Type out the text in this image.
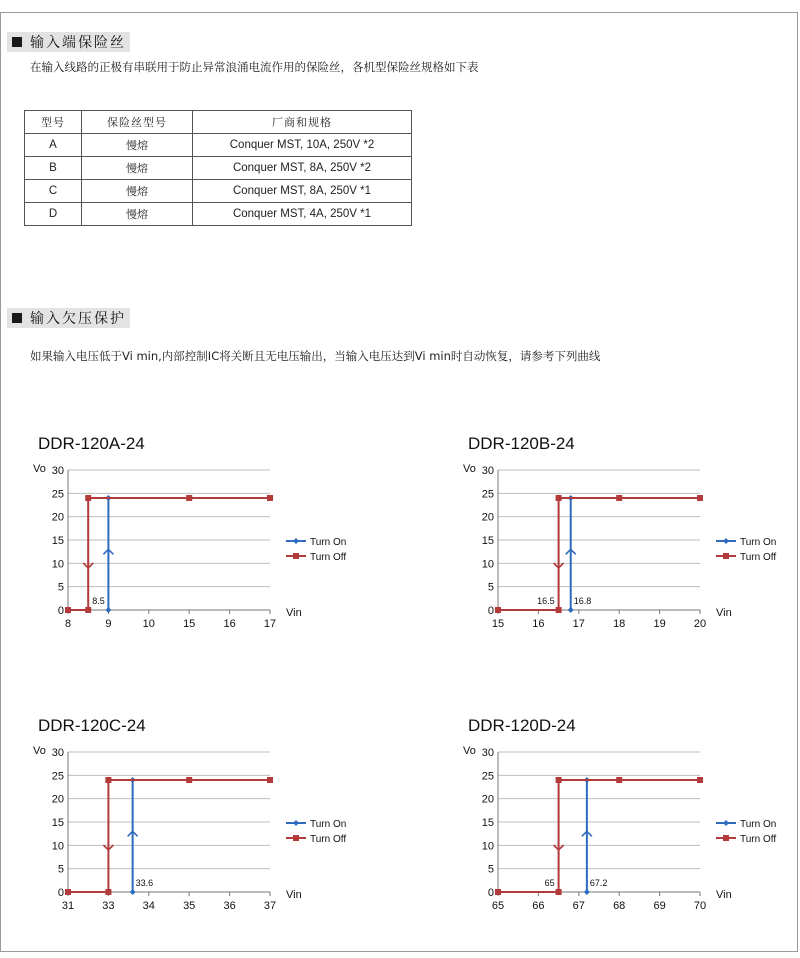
输入端保险丝
在输入线路的正极有串联用于防止异常浪涌电流作用的保险丝，各机型保险丝规格如下表
型号	保险丝型号	厂商和规格
A	慢熔	Conquer MST, 10A, 250V *2
B	慢熔	Conquer MST, 8A, 250V *2
C	慢熔	Conquer MST, 8A, 250V *1
D	慢熔	Conquer MST, 4A, 250V *1
输入欠压保护
如果输入电压低于Vi min,内部控制IC将关断且无电压输出，当输入电压达到Vi min时自动恢复，请参考下列曲线
DDR-120A-24
Vo
Vin
0
5
10
15
20
25
30
8	9	10	15	16	17
8.5
Turn On
Turn Off
DDR-120B-24
Vo
Vin
0
5
10
15
20
25
30
15	16	17	18	19	20
16.5 16.8
Turn On
Turn Off
DDR-120C-24
Vo
Vin
0
5
10
15
20
25
30
31	33	34	35	36	37
33.6
Turn On
Turn Off
DDR-120D-24
Vo
Vin
0
5
10
15
20
25
30
65	66	67	68	69	70
65	67.2
Turn On
Turn Off
